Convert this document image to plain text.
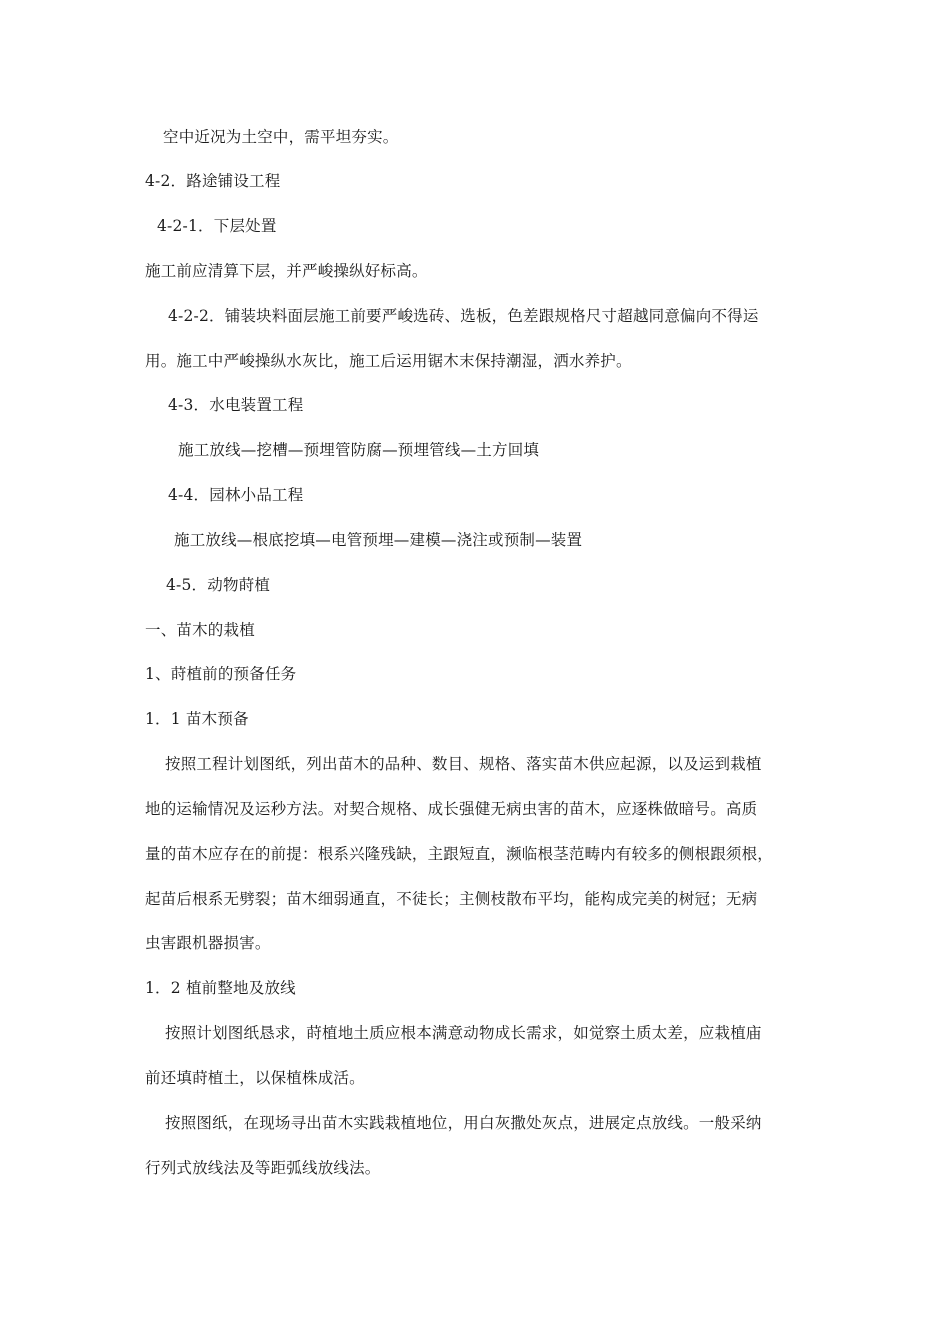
空中近况为土空中，需平坦夯实。
4-2．路途铺设工程
4-2-1．下层处置
施工前应清算下层，并严峻操纵好标高。
4-2-2．铺装块料面层施工前要严峻选砖、选板，色差跟规格尺寸超越同意偏向不得运
用。施工中严峻操纵水灰比，施工后运用锯木末保持潮湿，洒水养护。
4-3．水电装置工程
施工放线—挖槽—预埋管防腐—预埋管线—土方回填
4-4．园林小品工程
施工放线—根底挖填—电管预埋—建模—浇注或预制—装置
4-5．动物莳植
一、苗木的栽植
1、莳植前的预备任务
1．1 苗木预备
按照工程计划图纸，列出苗木的品种、数目、规格、落实苗木供应起源，以及运到栽植
地的运输情况及运秒方法。对契合规格、成长强健无病虫害的苗木，应逐株做暗号。高质
量的苗木应存在的前提：根系兴隆残缺，主跟短直，濒临根茎范畴内有较多的侧根跟须根，
起苗后根系无劈裂；苗木细弱通直，不徒长；主侧枝散布平均，能构成完美的树冠；无病
虫害跟机器损害。
1．2 植前整地及放线
按照计划图纸恳求，莳植地土质应根本满意动物成长需求，如觉察土质太差，应栽植庙
前还填莳植土，以保植株成活。
按照图纸，在现场寻出苗木实践栽植地位，用白灰撒处灰点，进展定点放线。一般采纳
行列式放线法及等距弧线放线法。
